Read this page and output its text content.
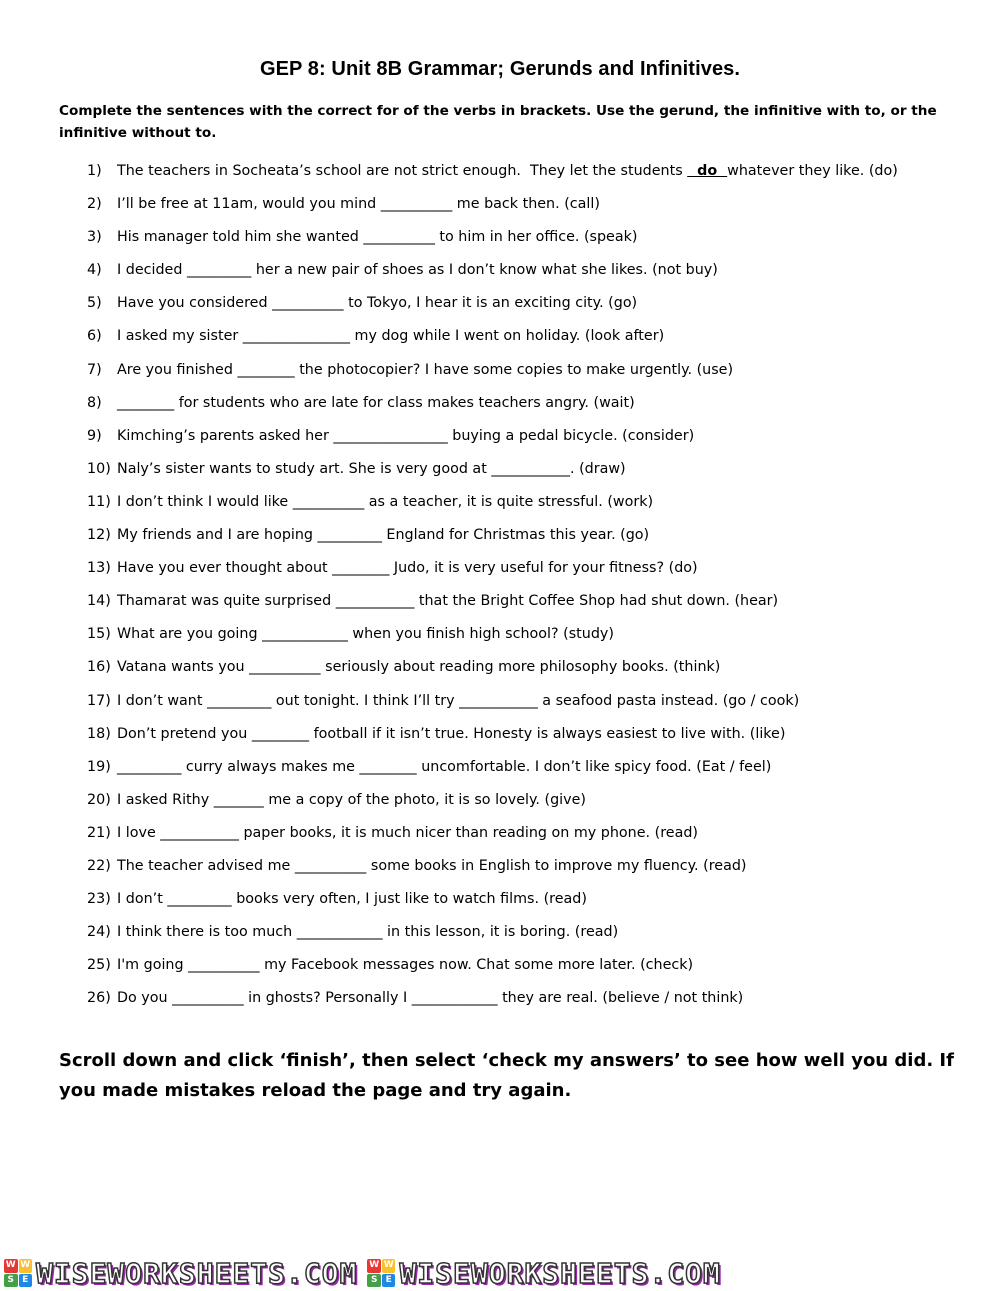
GEP 8: Unit 8B Grammar; Gerunds and Infinitives.
Complete the sentences with the correct for of the verbs in brackets. Use the gerund, the infinitive with to, or the infinitive without to.
1)	The teachers in Socheata’s school are not strict enough.  They let the students   do  whatever they like. (do)
2)	I’ll be free at 11am, would you mind __________ me back then. (call)
3)	His manager told him she wanted __________ to him in her office. (speak)
4)	I decided _________ her a new pair of shoes as I don’t know what she likes. (not buy)
5)	Have you considered __________ to Tokyo, I hear it is an exciting city. (go)
6)	I asked my sister _______________ my dog while I went on holiday. (look after)
7)	Are you finished ________ the photocopier? I have some copies to make urgently. (use)
8)	________ for students who are late for class makes teachers angry. (wait)
9)	Kimching’s parents asked her ________________ buying a pedal bicycle. (consider)
10) Naly’s sister wants to study art. She is very good at ___________. (draw)
11) I don’t think I would like __________ as a teacher, it is quite stressful. (work)
12) My friends and I are hoping _________ England for Christmas this year. (go)
13) Have you ever thought about ________ Judo, it is very useful for your fitness? (do)
14) Thamarat was quite surprised ___________ that the Bright Coffee Shop had shut down. (hear)
15) What are you going ____________ when you finish high school? (study)
16) Vatana wants you __________ seriously about reading more philosophy books. (think)
17) I don’t want _________ out tonight. I think I’ll try ___________ a seafood pasta instead. (go / cook)
18) Don’t pretend you ________ football if it isn’t true. Honesty is always easiest to live with. (like)
19) _________ curry always makes me ________ uncomfortable. I don’t like spicy food. (Eat / feel)
20) I asked Rithy _______ me a copy of the photo, it is so lovely. (give)
21) I love ___________ paper books, it is much nicer than reading on my phone. (read)
22) The teacher advised me __________ some books in English to improve my fluency. (read)
23) I don’t _________ books very often, I just like to watch films. (read)
24) I think there is too much ____________ in this lesson, it is boring. (read)
25) I'm going __________ my Facebook messages now. Chat some more later. (check)
26) Do you __________ in ghosts? Personally I ____________ they are real. (believe / not think)
Scroll down and click ‘finish’, then select ‘check my answers’ to see how well you did. If you made mistakes reload the page and try again.
W W
S E WISEWORKSHEETS.COM W W
S E WISEWORKSHEETS.COM
